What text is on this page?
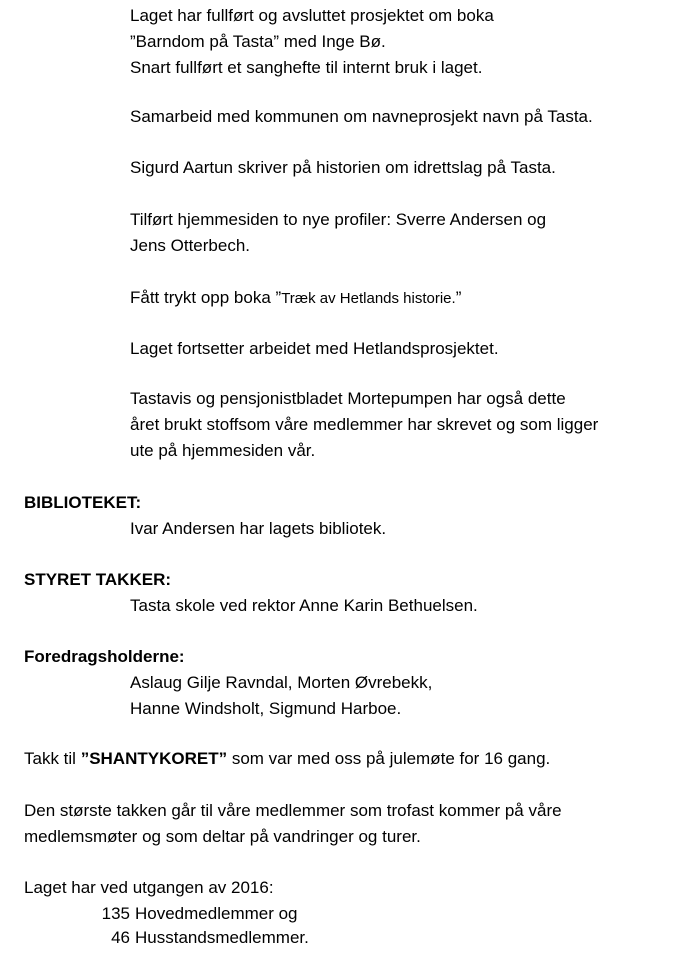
Laget har fullført og avsluttet prosjektet om boka
”Barndom på Tasta” med Inge Bø.
Snart fullført et sanghefte til internt bruk i laget.
Samarbeid med kommunen om navneprosjekt navn på Tasta.
Sigurd Aartun skriver på historien om idrettslag på Tasta.
Tilført hjemmesiden to nye profiler: Sverre Andersen og
Jens Otterbech.
Fått trykt opp boka ”Træk av Hetlands historie.”
Laget fortsetter arbeidet med Hetlandsprosjektet.
Tastavis og pensjonistbladet Mortepumpen har også dette
året brukt stoffsom våre medlemmer har skrevet og som ligger
ute på hjemmesiden vår.
BIBLIOTEKET:
Ivar Andersen har lagets bibliotek.
STYRET TAKKER:
Tasta skole ved rektor Anne Karin Bethuelsen.
Foredragsholderne:
Aslaug Gilje Ravndal, Morten Øvrebekk,
Hanne Windsholt, Sigmund Harboe.
Takk til ”SHANTYKORET” som var med oss på julemøte for 16 gang.
Den største takken går til våre medlemmer som trofast kommer på våre
medlemsmøter og som deltar på vandringer og turer.
Laget har ved utgangen av 2016:
135 Hovedmedlemmer og
46 Husstandsmedlemmer.
